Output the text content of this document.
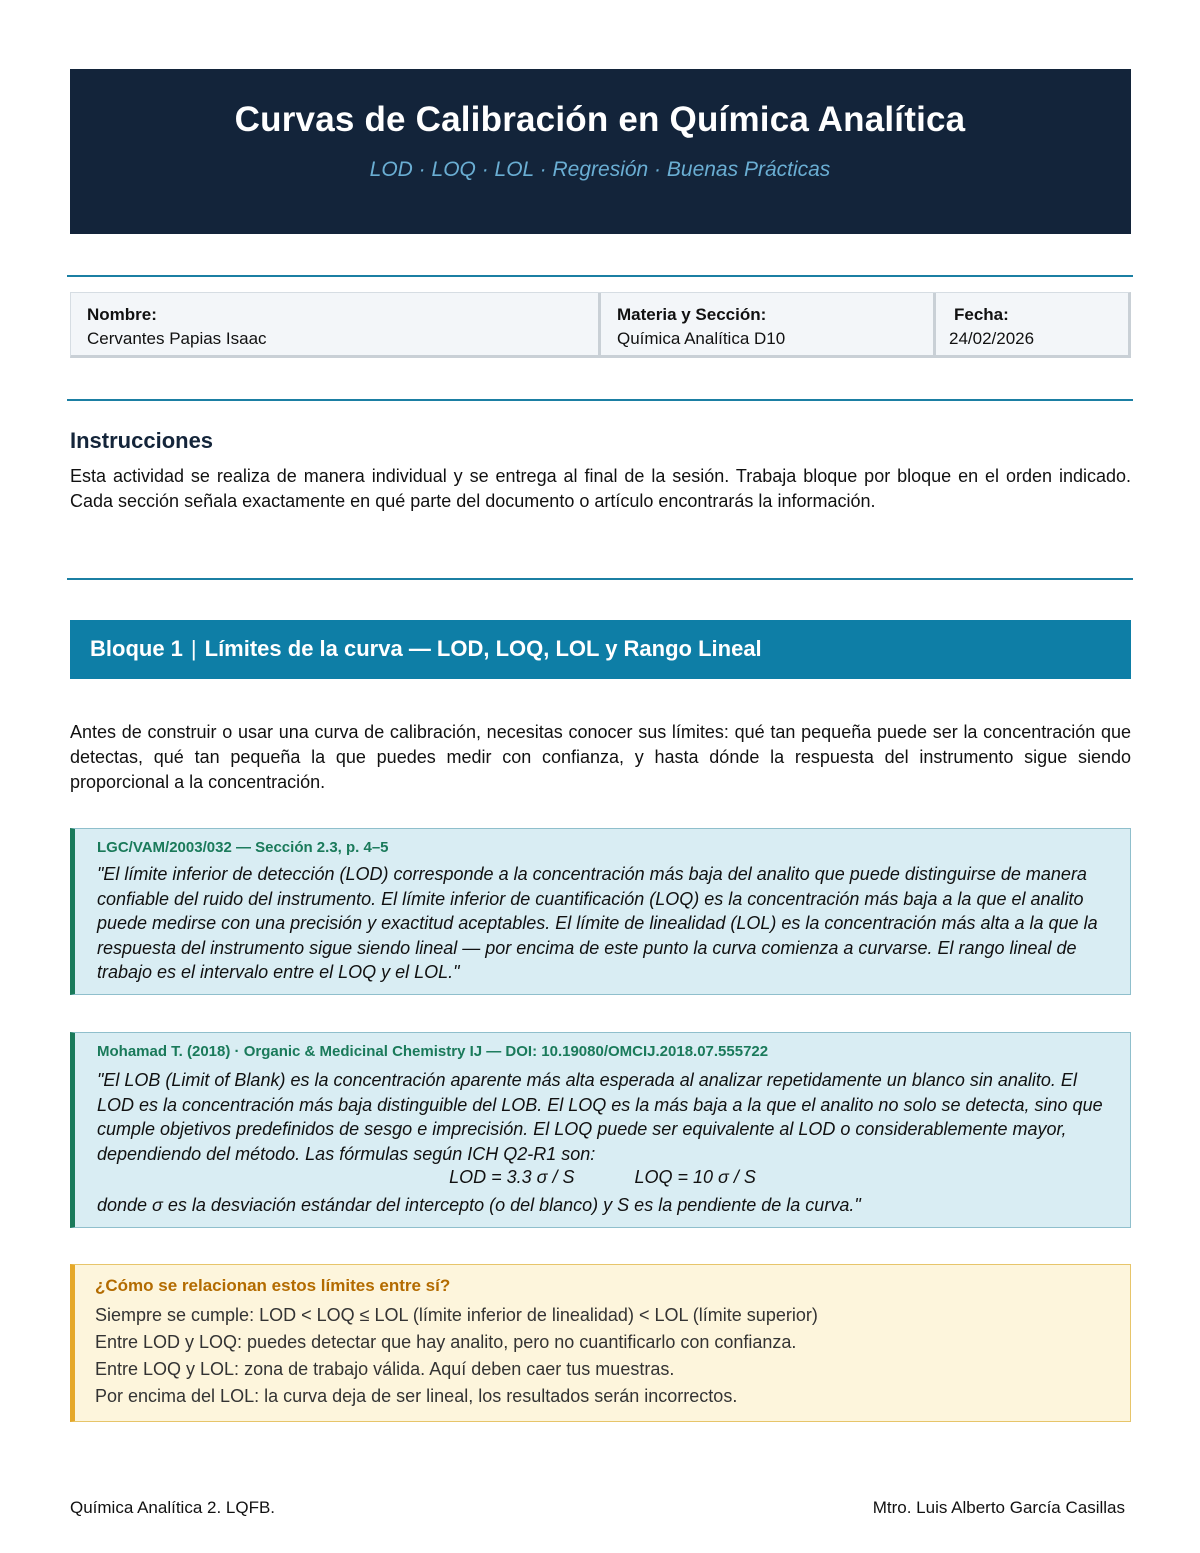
Curvas de Calibración en Química Analítica
LOD · LOQ · LOL · Regresión · Buenas Prácticas
Nombre:
Cervantes Papias Isaac
Materia y Sección:
Química Analítica D10
Fecha:
24/02/2026
Instrucciones
Esta actividad se realiza de manera individual y se entrega al final de la sesión. Trabaja bloque por bloque en el orden indicado. Cada sección señala exactamente en qué parte del documento o artículo encontrarás la información.
Bloque 1 | Límites de la curva — LOD, LOQ, LOL y Rango Lineal
Antes de construir o usar una curva de calibración, necesitas conocer sus límites: qué tan pequeña puede ser la concentración que detectas, qué tan pequeña la que puedes medir con confianza, y hasta dónde la respuesta del instrumento sigue siendo proporcional a la concentración.
LGC/VAM/2003/032 — Sección 2.3, p. 4–5
"El límite inferior de detección (LOD) corresponde a la concentración más baja del analito que puede distinguirse de manera confiable del ruido del instrumento. El límite inferior de cuantificación (LOQ) es la concentración más baja a la que el analito puede medirse con una precisión y exactitud aceptables. El límite de linealidad (LOL) es la concentración más alta a la que la respuesta del instrumento sigue siendo lineal — por encima de este punto la curva comienza a curvarse. El rango lineal de trabajo es el intervalo entre el LOQ y el LOL."
Mohamad T. (2018) · Organic & Medicinal Chemistry IJ — DOI: 10.19080/OMCIJ.2018.07.555722
"El LOB (Limit of Blank) es la concentración aparente más alta esperada al analizar repetidamente un blanco sin analito. El LOD es la concentración más baja distinguible del LOB. El LOQ es la más baja a la que el analito no solo se detecta, sino que cumple objetivos predefinidos de sesgo e imprecisión. El LOQ puede ser equivalente al LOD o considerablemente mayor, dependiendo del método. Las fórmulas según ICH Q2-R1 son:
LOD = 3.3 σ / S	LOQ = 10 σ / S
donde σ es la desviación estándar del intercepto (o del blanco) y S es la pendiente de la curva."
¿Cómo se relacionan estos límites entre sí?
Siempre se cumple: LOD < LOQ ≤ LOL (límite inferior de linealidad) < LOL (límite superior)
Entre LOD y LOQ: puedes detectar que hay analito, pero no cuantificarlo con confianza.
Entre LOQ y LOL: zona de trabajo válida. Aquí deben caer tus muestras.
Por encima del LOL: la curva deja de ser lineal, los resultados serán incorrectos.
Química Analítica 2. LQFB.	Mtro. Luis Alberto García Casillas
